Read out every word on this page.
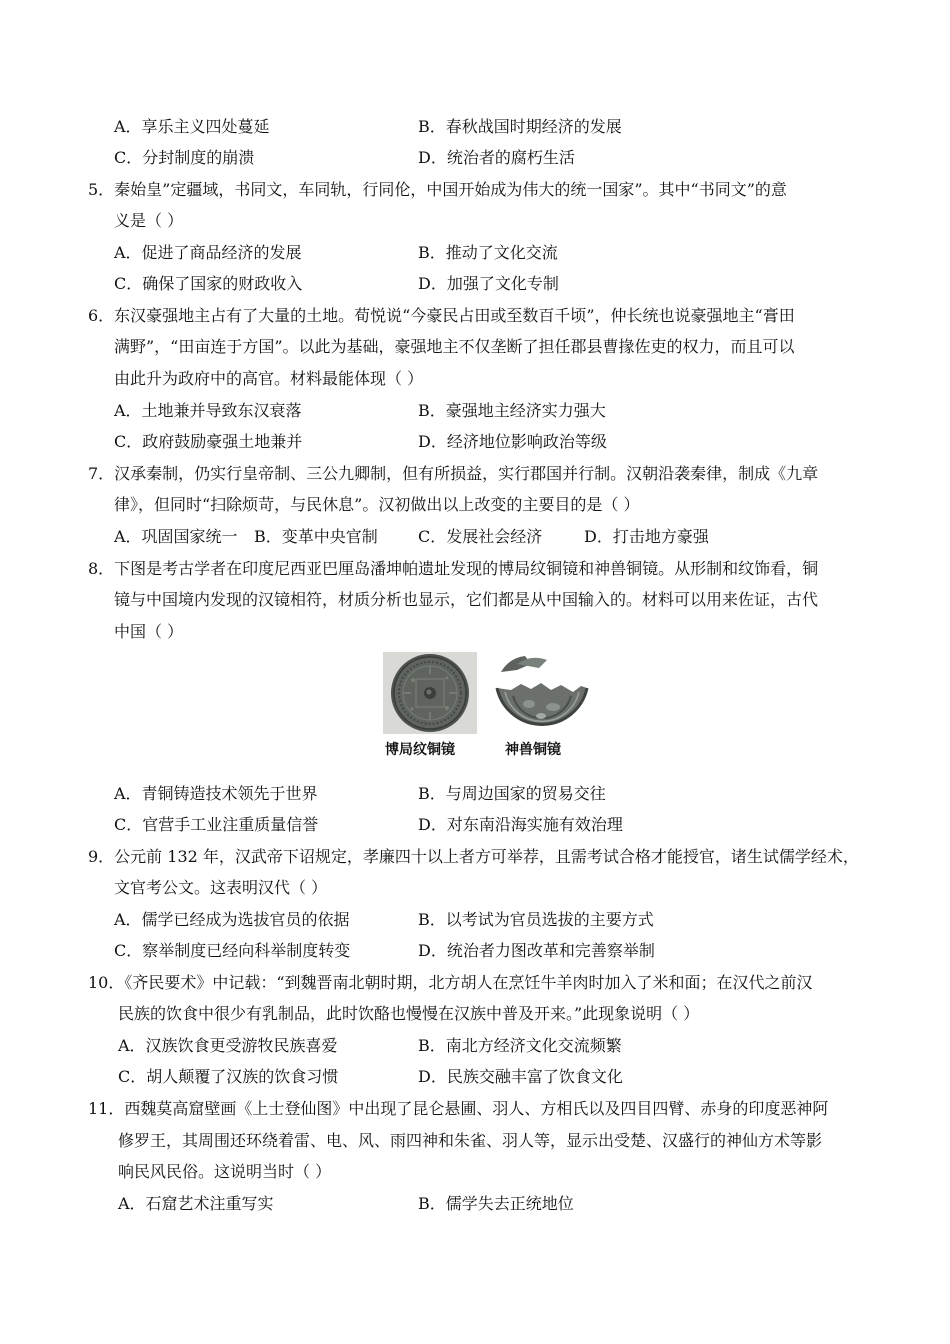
A．享乐主义四处蔓延	B．春秋战国时期经济的发展
C．分封制度的崩溃	D．统治者的腐朽生活
5．秦始皇”定疆域，书同文，车同轨，行同伦，中国开始成为伟大的统一国家”。其中“书同文”的意
义是（ ）
A．促进了商品经济的发展	B．推动了文化交流
C．确保了国家的财政收入	D．加强了文化专制
6．东汉豪强地主占有了大量的土地。荀悦说“今豪民占田或至数百千顷”，仲长统也说豪强地主“膏田
满野”，“田亩连于方国”。以此为基础，豪强地主不仅垄断了担任郡县曹掾佐吏的权力，而且可以
由此升为政府中的高官。材料最能体现（ ）
A．土地兼并导致东汉衰落	B．豪强地主经济实力强大
C．政府鼓励豪强土地兼并	D．经济地位影响政治等级
7．汉承秦制，仍实行皇帝制、三公九卿制，但有所损益，实行郡国并行制。汉朝沿袭秦律，制成《九章
律》，但同时“扫除烦苛，与民休息”。汉初做出以上改变的主要目的是（ ）
A．巩固国家统一 B．变革中央官制	C．发展社会经济	D．打击地方豪强
8．下图是考古学者在印度尼西亚巴厘岛潘坤帕遗址发现的博局纹铜镜和神兽铜镜。从形制和纹饰看，铜
镜与中国境内发现的汉镜相符，材质分析也显示，它们都是从中国输入的。材料可以用来佐证，古代
中国（ ）
博局纹铜镜	神兽铜镜
A．青铜铸造技术领先于世界	B．与周边国家的贸易交往
C．官营手工业注重质量信誉	D．对东南沿海实施有效治理
9．公元前 132 年，汉武帝下诏规定，孝廉四十以上者方可举荐，且需考试合格才能授官，诸生试儒学经术，
文官考公文。这表明汉代（ ）
A．儒学已经成为选拔官员的依据	B．以考试为官员选拔的主要方式
C．察举制度已经向科举制度转变	D．统治者力图改革和完善察举制
10．《齐民要术》中记载：“到魏晋南北朝时期，北方胡人在烹饪牛羊肉时加入了米和面；在汉代之前汉
民族的饮食中很少有乳制品，此时饮酪也慢慢在汉族中普及开来。”此现象说明（ ）
A．汉族饮食更受游牧民族喜爱	B．南北方经济文化交流频繁
C．胡人颠覆了汉族的饮食习惯	D．民族交融丰富了饮食文化
11．西魏莫高窟壁画《上士登仙图》中出现了昆仑悬圃、羽人、方相氏以及四目四臂、赤身的印度恶神阿
修罗王，其周围还环绕着雷、电、风、雨四神和朱雀、羽人等，显示出受楚、汉盛行的神仙方术等影
响民风民俗。这说明当时（ ）
A．石窟艺术注重写实	B．儒学失去正统地位
